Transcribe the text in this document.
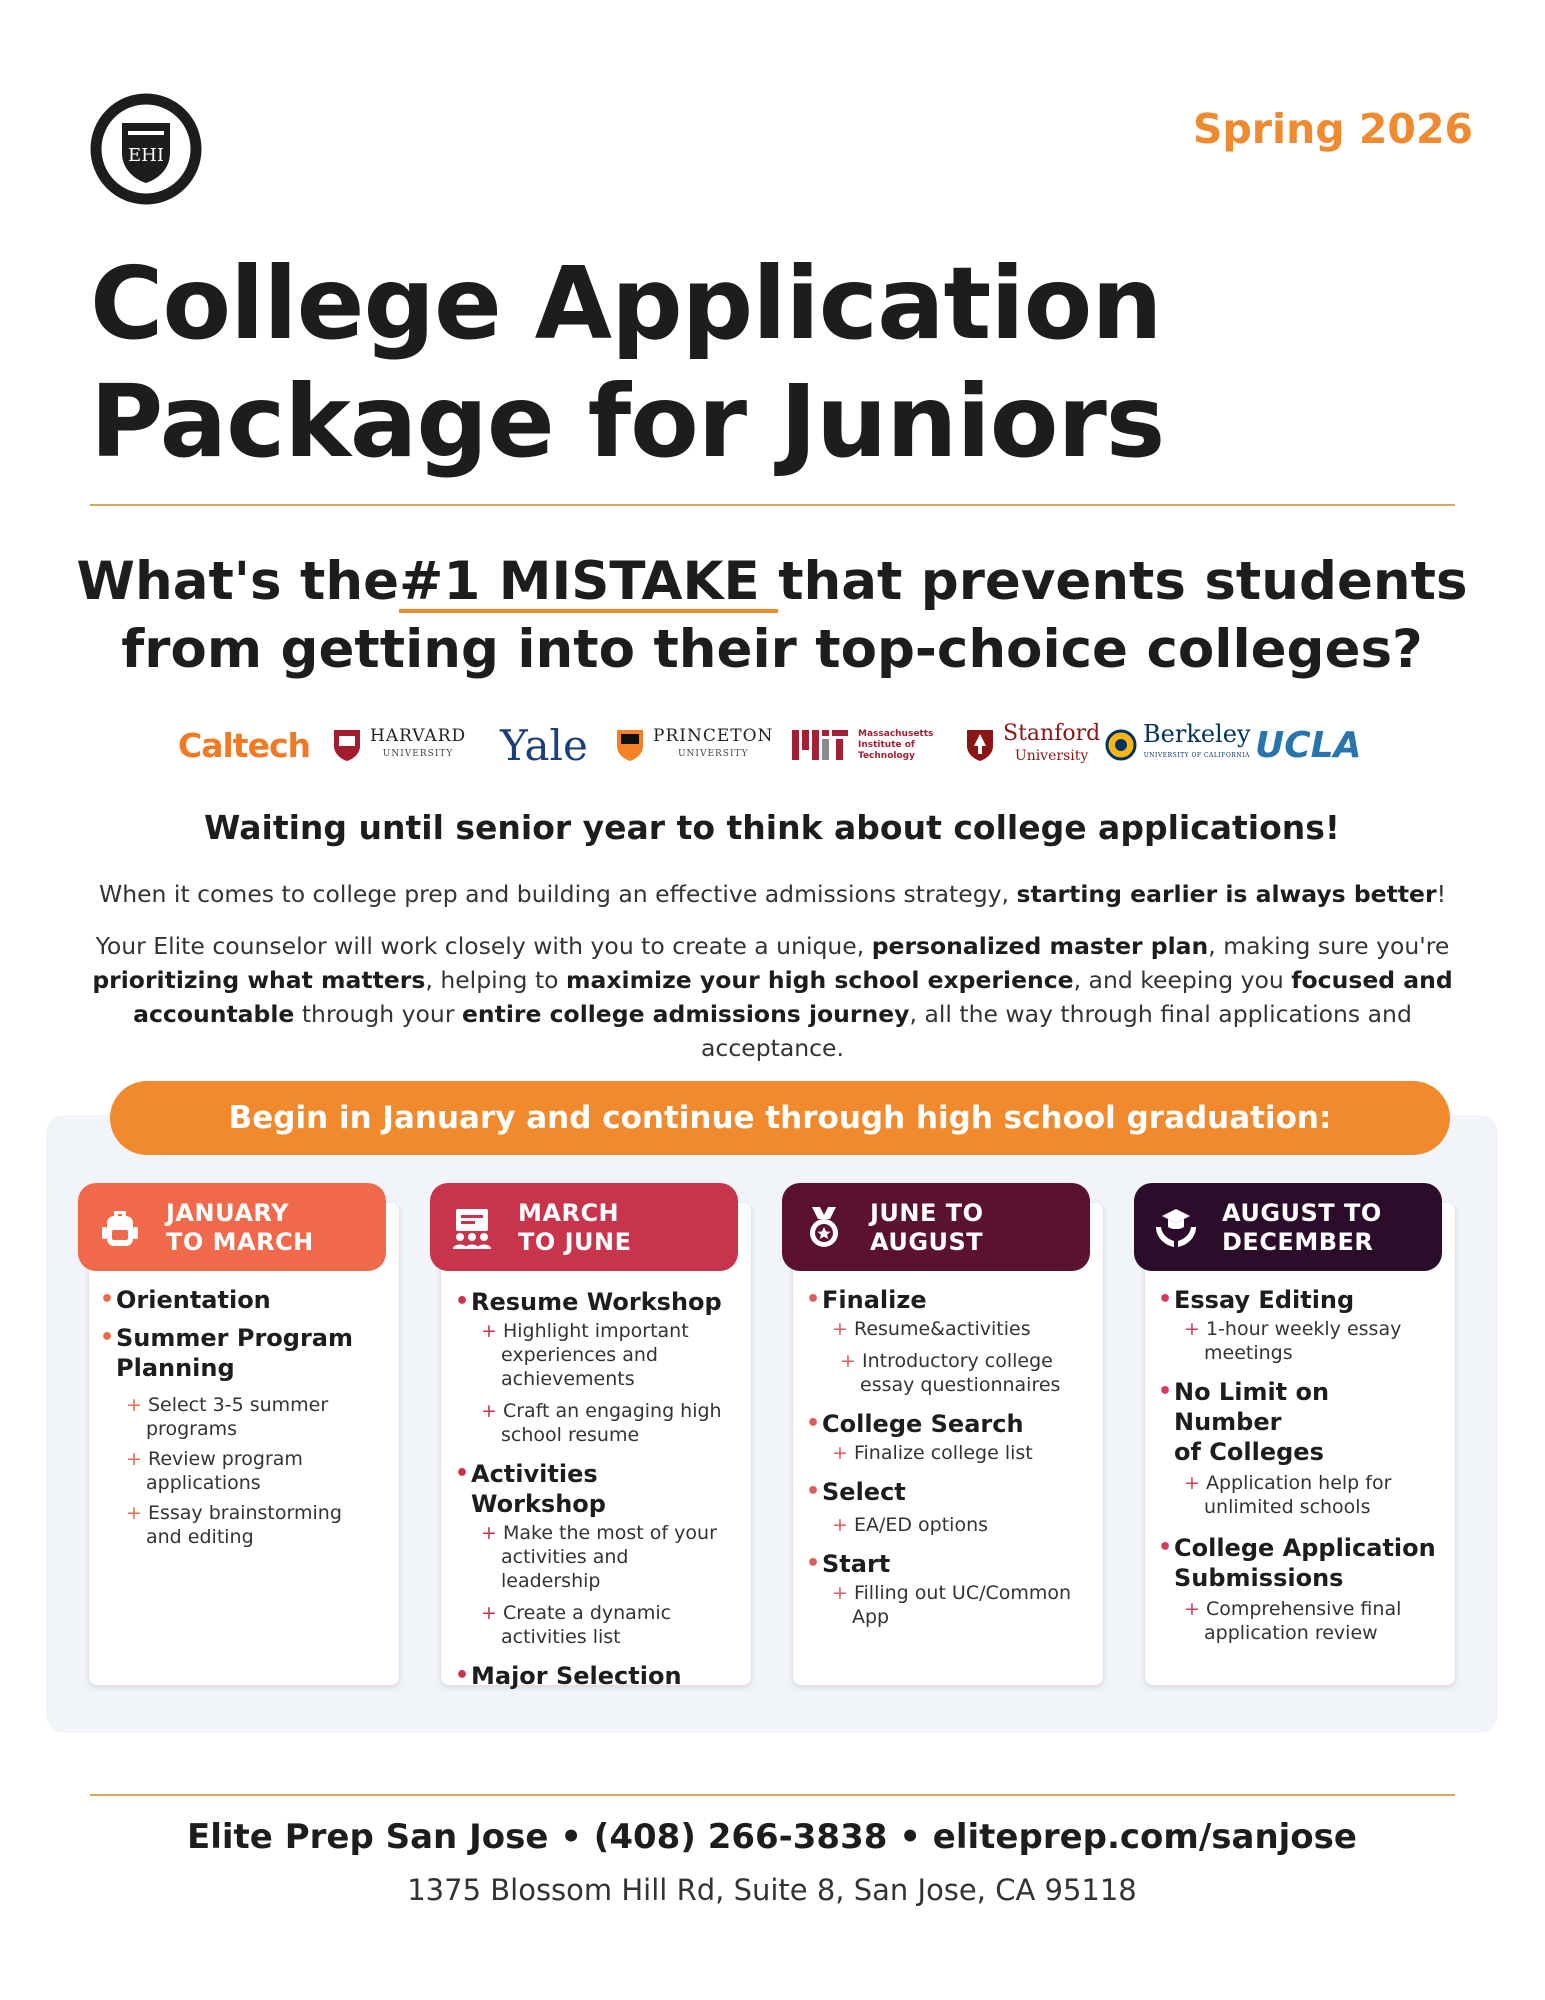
EHI
Spring 2026
College Application
Package for Juniors
What's the#1 MISTAKE that prevents students
from getting into their top-choice colleges?
Caltech	HARVARD
UNIVERSITY	Yale	PRINCETON
UNIVERSITY
Massachusetts
Institute of
Technology
Stanford
University
Berkeley
UNIVERSITY OF CALIFORNIA UCLA
Waiting until senior year to think about college applications!
When it comes to college prep and building an effective admissions strategy, starting earlier is always better!
Your Elite counselor will work closely with you to create a unique, personalized master plan, making sure you're
prioritizing what matters, helping to maximize your high school experience, and keeping you focused and
accountable through your entire college admissions journey, all the way through final applications and acceptance.
Begin in January and continue through high school graduation:
JANUARY
TO MARCH
• Orientation
• Summer Program
Planning
+ Select 3-5 summer programs
+ Review program applications
+ Essay brainstorming and editing
MARCH
TO JUNE
• Resume Workshop
+ Highlight important experiences and achievements
+ Craft an engaging high school resume
• Activities Workshop
+ Make the most of your activities and leadership
+ Create a dynamic activities list
• Major Selection
JUNE TO
AUGUST
• Finalize
+ Resume&activities
+ Introductory college essay questionnaires
• College Search
+ Finalize college list
• Select
+ EA/ED options
• Start
+ Filling out UC/Common App
AUGUST TO
DECEMBER
• Essay Editing
+ 1-hour weekly essay meetings
• No Limit on Number
of Colleges
+ Application help for unlimited schools
• College Application
Submissions
+ Comprehensive final application review
Elite Prep San Jose • (408) 266-3838 • eliteprep.com/sanjose
1375 Blossom Hill Rd, Suite 8, San Jose, CA 95118
